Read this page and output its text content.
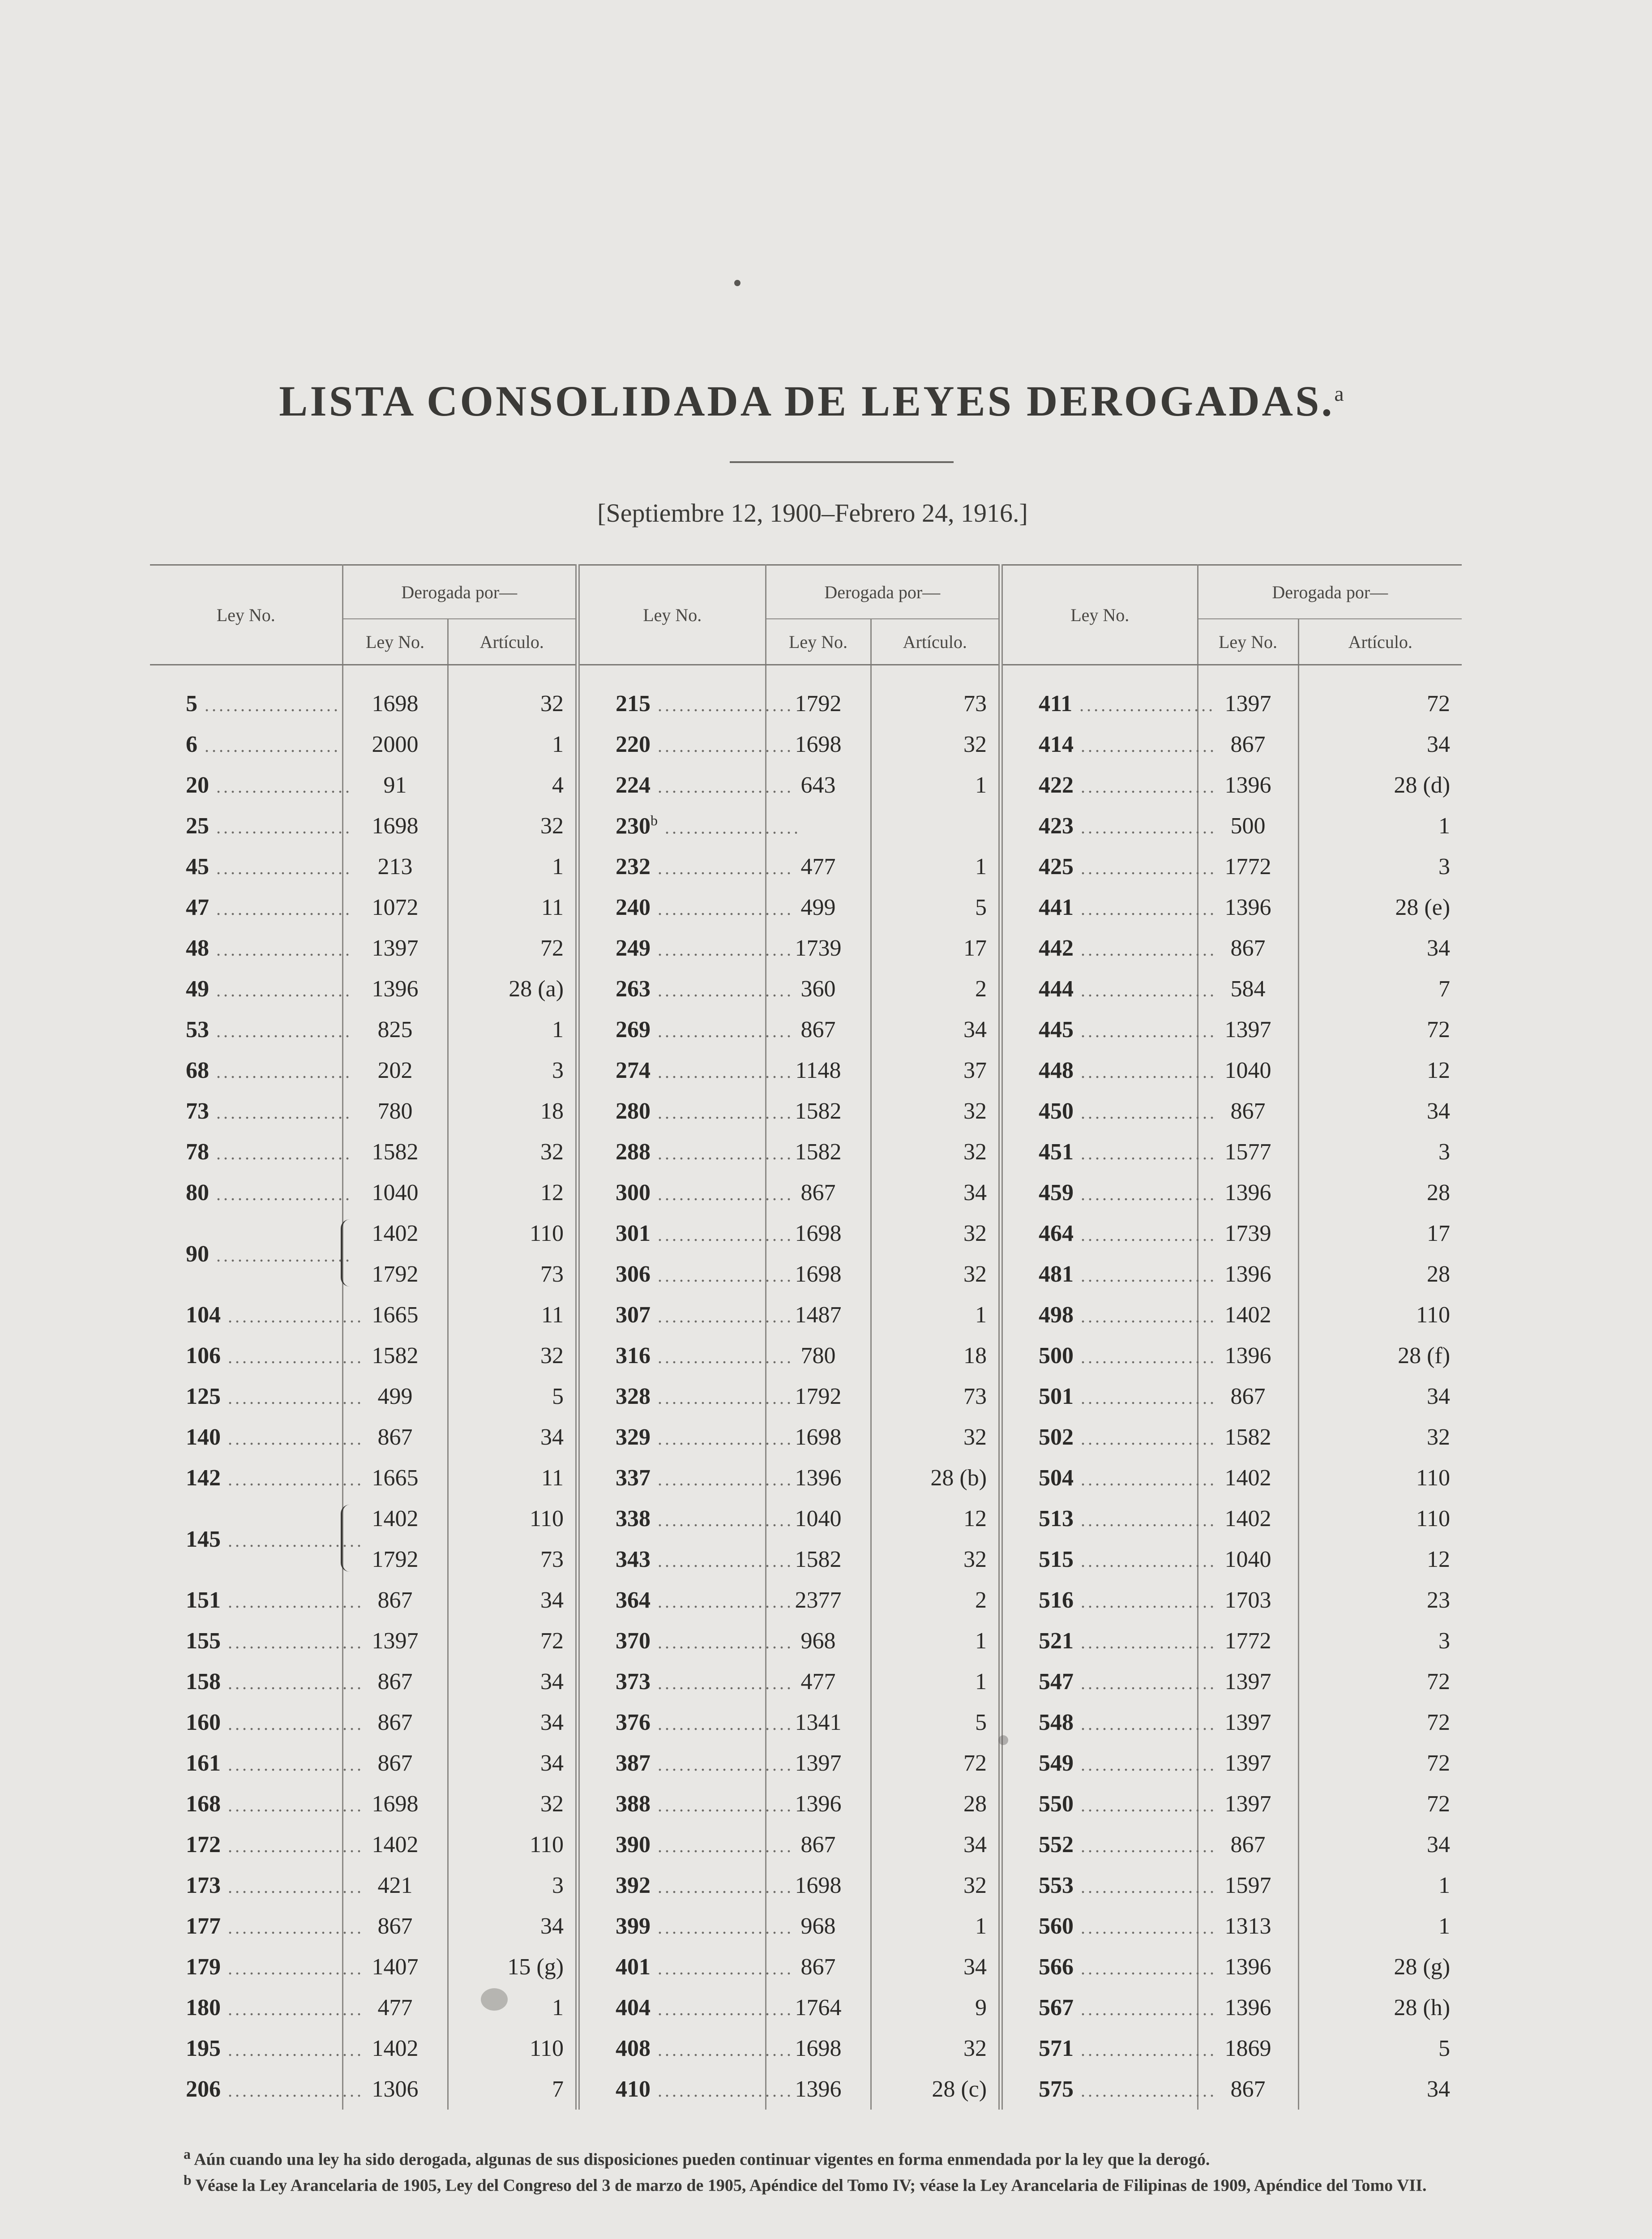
LISTA CONSOLIDADA DE LEYES DEROGADAS.$^a$
[Septiembre 12, 1900–Febrero 24, 1916.]
Ley No.	Derogada por—		Ley No.	Derogada por—		Ley No.	Derogada por—	
	Ley No.	Artículo.		Ley No.	Artículo.		Ley No.	Artículo.

5 ...................	1698	32	215 ...................	1792	73	411 ...................	1397	72
6 ...................	2000	1	220 ...................	1698	32	414 ...................	867	34
20 ...................	91	4	224 ...................	643	1	422 ...................	1396	28 (d)
25 ...................	1698	32	230$^b$ ...................			423 ...................	500	1
45 ...................	213	1	232 ...................	477	1	425 ...................	1772	3
47 ...................	1072	11	240 ...................	499	5	441 ...................	1396	28 (e)
48 ...................	1397	72	249 ...................	1739	17	442 ...................	867	34
49 ...................	1396	28 (a)	263 ...................	360	2	444 ...................	584	7
53 ...................	825	1	269 ...................	867	34	445 ...................	1397	72
68 ...................	202	3	274 ...................	1148	37	448 ...................	1040	12
73 ...................	780	18	280 ...................	1582	32	450 ...................	867	34
78 ...................	1582	32	288 ...................	1582	32	451 ...................	1577	3
80 ...................	1040	12	300 ...................	867	34	459 ...................	1396	28
90 ...................	1402	110	301 ...................	1698	32	464 ...................	1739	17
	1792	73	306 ...................	1698	32	481 ...................	1396	28
104 ...................	1665	11	307 ...................	1487	1	498 ...................	1402	110
106 ...................	1582	32	316 ...................	780	18	500 ...................	1396	28 (f)
125 ...................	499	5	328 ...................	1792	73	501 ...................	867	34
140 ...................	867	34	329 ...................	1698	32	502 ...................	1582	32
142 ...................	1665	11	337 ...................	1396	28 (b)	504 ...................	1402	110
145 ...................	1402	110	338 ...................	1040	12	513 ...................	1402	110
	1792	73	343 ...................	1582	32	515 ...................	1040	12
151 ...................	867	34	364 ...................	2377	2	516 ...................	1703	23
155 ...................	1397	72	370 ...................	968	1	521 ...................	1772	3
158 ...................	867	34	373 ...................	477	1	547 ...................	1397	72
160 ...................	867	34	376 ...................	1341	5	548 ...................	1397	72
161 ...................	867	34	387 ...................	1397	72	549 ...................	1397	72
168 ...................	1698	32	388 ...................	1396	28	550 ...................	1397	72
172 ...................	1402	110	390 ...................	867	34	552 ...................	867	34
173 ...................	421	3	392 ...................	1698	32	553 ...................	1597	1
177 ...................	867	34	399 ...................	968	1	560 ...................	1313	1
179 ...................	1407	15 (g)	401 ...................	867	34	566 ...................	1396	28 (g)
180 ...................	477	1	404 ...................	1764	9	567 ...................	1396	28 (h)
195 ...................	1402	110	408 ...................	1698	32	571 ...................	1869	5
206 ...................	1306	7	410 ...................	1396	28 (c)	575 ...................	867	34

$^a$ Aún cuando una ley ha sido derogada, algunas de sus disposiciones pueden continuar vigentes en forma enmendada por la ley que la derogó.

$^b$ Véase la Ley Arancelaria de 1905, Ley del Congreso del 3 de marzo de 1905, Apéndice del Tomo IV; véase la Ley Arancelaria de Filipinas de 1909, Apéndice del Tomo VII.
